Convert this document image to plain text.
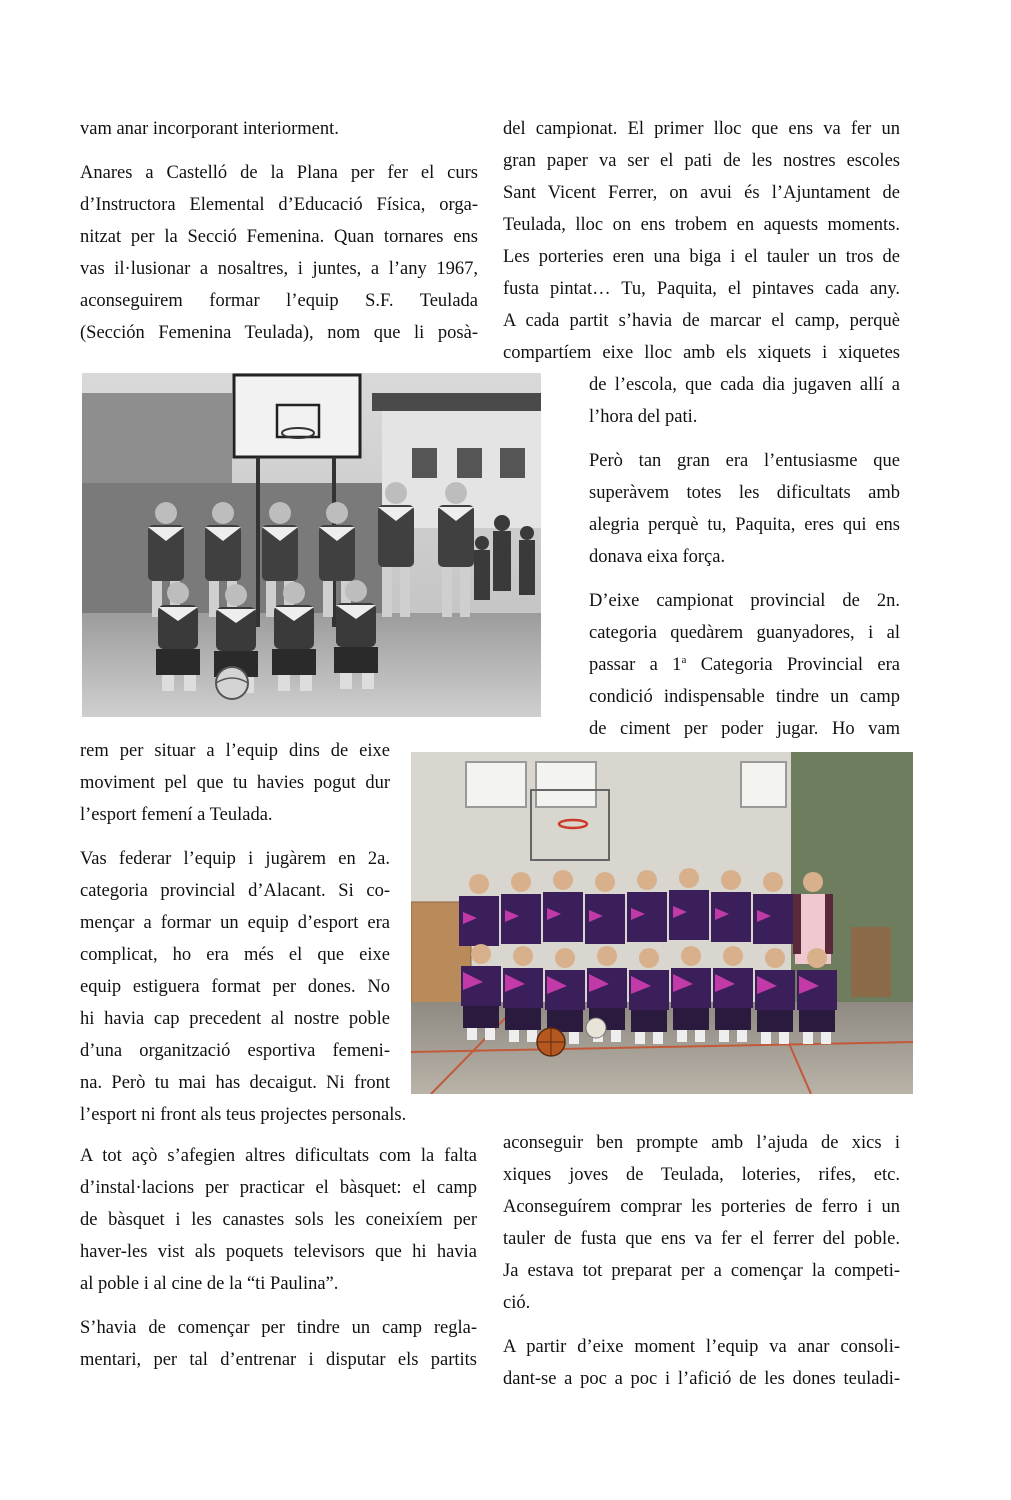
vam anar incorporant interiorment.
Anares a Castelló de la Plana per fer el curs
d’Instructora Elemental d’Educació Física, orga-
nitzat per la Secció Femenina. Quan tornares ens
vas il·lusionar a nosaltres, i juntes, a l’any 1967,
aconseguirem formar l’equip S.F. Teulada
(Sección Femenina Teulada), nom que li posà-
del campionat. El primer lloc que ens va fer un
gran paper va ser el pati de les nostres escoles
Sant Vicent Ferrer, on avui és l’Ajuntament de
Teulada, lloc on ens trobem en aquests moments.
Les porteries eren una biga i el tauler un tros de
fusta pintat… Tu, Paquita, el pintaves cada any.
A cada partit s’havia de marcar el camp, perquè
compartíem eixe lloc amb els xiquets i xiquetes
de l’escola, que cada dia jugaven allí a
l’hora del pati.
Però tan gran era l’entusiasme que
superàvem totes les dificultats amb
alegria perquè tu, Paquita, eres qui ens
donava eixa força.
D’eixe campionat provincial de 2n.
categoria quedàrem guanyadores, i al
passar a 1$^a$ Categoria Provincial era
condició indispensable tindre un camp
de ciment per poder jugar. Ho vam
rem per situar a l’equip dins de eixe
moviment pel que tu havies pogut dur
l’esport femení a Teulada.
Vas federar l’equip i jugàrem en 2a.
categoria provincial d’Alacant. Si co-
mençar a formar un equip d’esport era
complicat, ho era més el que eixe
equip estiguera format per dones. No
hi havia cap precedent al nostre poble
d’una organització esportiva femeni-
na. Però tu mai has decaigut. Ni front
l’esport ni front als teus projectes personals.
A tot açò s’afegien altres dificultats com la falta
d’instal·lacions per practicar el bàsquet: el camp
de bàsquet i les canastes sols les coneixíem per
haver-les vist als poquets televisors que hi havia
al poble i al cine de la “ti Paulina”.
S’havia de començar per tindre un camp regla-
mentari, per tal d’entrenar i disputar els partits
aconseguir ben prompte amb l’ajuda de xics i
xiques joves de Teulada, loteries, rifes, etc.
Aconseguírem comprar les porteries de ferro i un
tauler de fusta que ens va fer el ferrer del poble.
Ja estava tot preparat per a començar la competi-
ció.
A partir d’eixe moment l’equip va anar consoli-
dant-se a poc a poc i l’afició de les dones teuladi-
